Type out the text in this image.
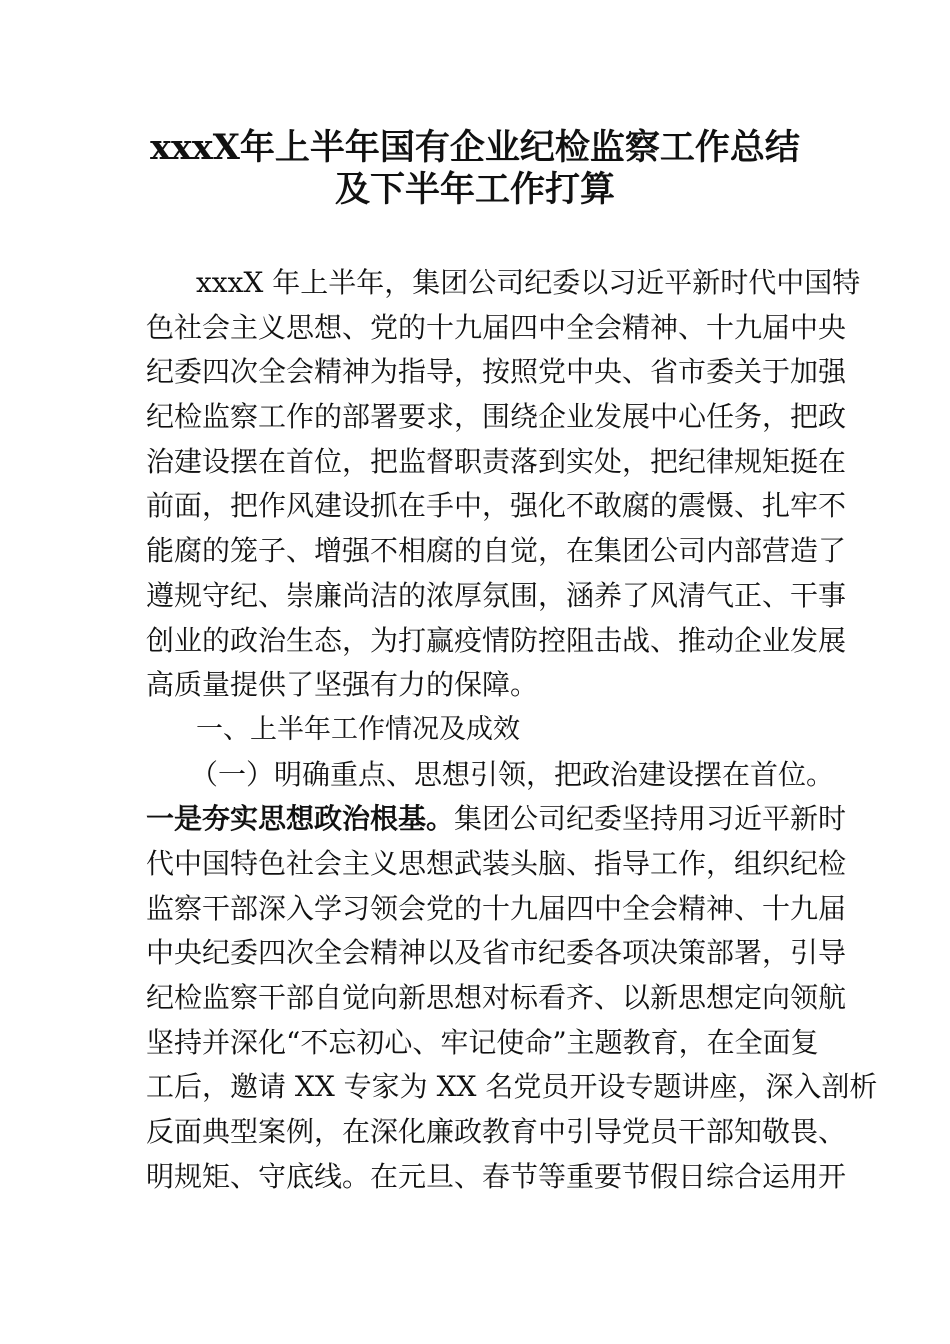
xxxX年上半年国有企业纪检监察工作总结
及下半年工作打算
xxxX 年上半年，集团公司纪委以习近平新时代中国特
色社会主义思想、党的十九届四中全会精神、十九届中央
纪委四次全会精神为指导，按照党中央、省市委关于加强
纪检监察工作的部署要求，围绕企业发展中心任务，把政
治建设摆在首位，把监督职责落到实处，把纪律规矩挺在
前面，把作风建设抓在手中，强化不敢腐的震慑、扎牢不
能腐的笼子、增强不相腐的自觉，在集团公司内部营造了
遵规守纪、崇廉尚洁的浓厚氛围，涵养了风清气正、干事
创业的政治生态，为打赢疫情防控阻击战、推动企业发展
高质量提供了坚强有力的保障。
一、上半年工作情况及成效
（一）明确重点、思想引领，把政治建设摆在首位。
一是夯实思想政治根基。集团公司纪委坚持用习近平新时
代中国特色社会主义思想武装头脑、指导工作，组织纪检
监察干部深入学习领会党的十九届四中全会精神、十九届
中央纪委四次全会精神以及省市纪委各项决策部署，引导
纪检监察干部自觉向新思想对标看齐、以新思想定向领航
坚持并深化“不忘初心、牢记使命”主题教育，在全面复
工后，邀请 XX 专家为 XX 名党员开设专题讲座，深入剖析
反面典型案例，在深化廉政教育中引导党员干部知敬畏、
明规矩、守底线。在元旦、春节等重要节假日综合运用开
